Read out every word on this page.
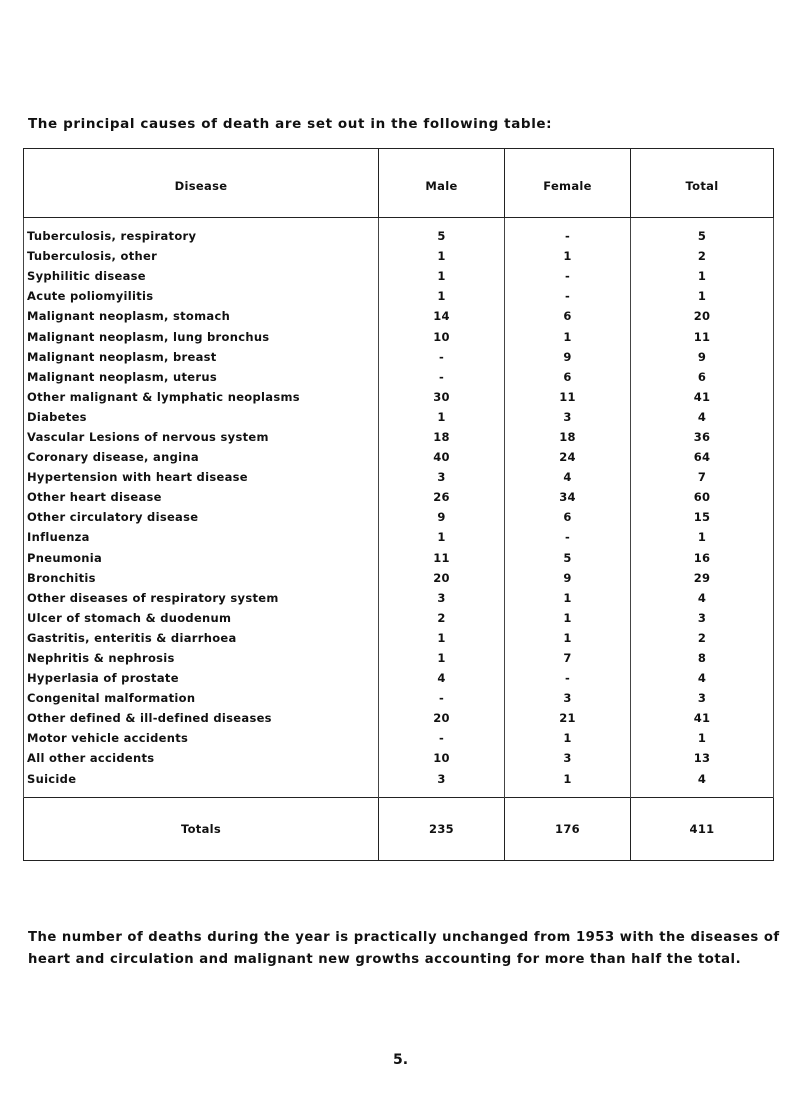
The principal causes of death are set out in the following table:
Disease	Male	Female	Total
Tuberculosis, respiratory	5	-	5
Tuberculosis, other	1	1	2
Syphilitic disease	1	-	1
Acute poliomyilitis	1	-	1
Malignant neoplasm, stomach	14	6	20
Malignant neoplasm, lung bronchus	10	1	11
Malignant neoplasm, breast	-	9	9
Malignant neoplasm, uterus	-	6	6
Other malignant & lymphatic neoplasms	30	11	41
Diabetes	1	3	4
Vascular Lesions of nervous system	18	18	36
Coronary disease, angina	40	24	64
Hypertension with heart disease	3	4	7
Other heart disease	26	34	60
Other circulatory disease	9	6	15
Influenza	1	-	1
Pneumonia	11	5	16
Bronchitis	20	9	29
Other diseases of respiratory system	3	1	4
Ulcer of stomach & duodenum	2	1	3
Gastritis, enteritis & diarrhoea	1	1	2
Nephritis & nephrosis	1	7	8
Hyperlasia of prostate	4	-	4
Congenital malformation	-	3	3
Other defined & ill-defined diseases	20	21	41
Motor vehicle accidents	-	1	1
All other accidents	10	3	13
Suicide	3	1	4
Totals	235	176	411
The number of deaths during the year is practically unchanged from 1953 with the diseases of heart and circulation and malignant new growths accounting for more than half the total.
5.
